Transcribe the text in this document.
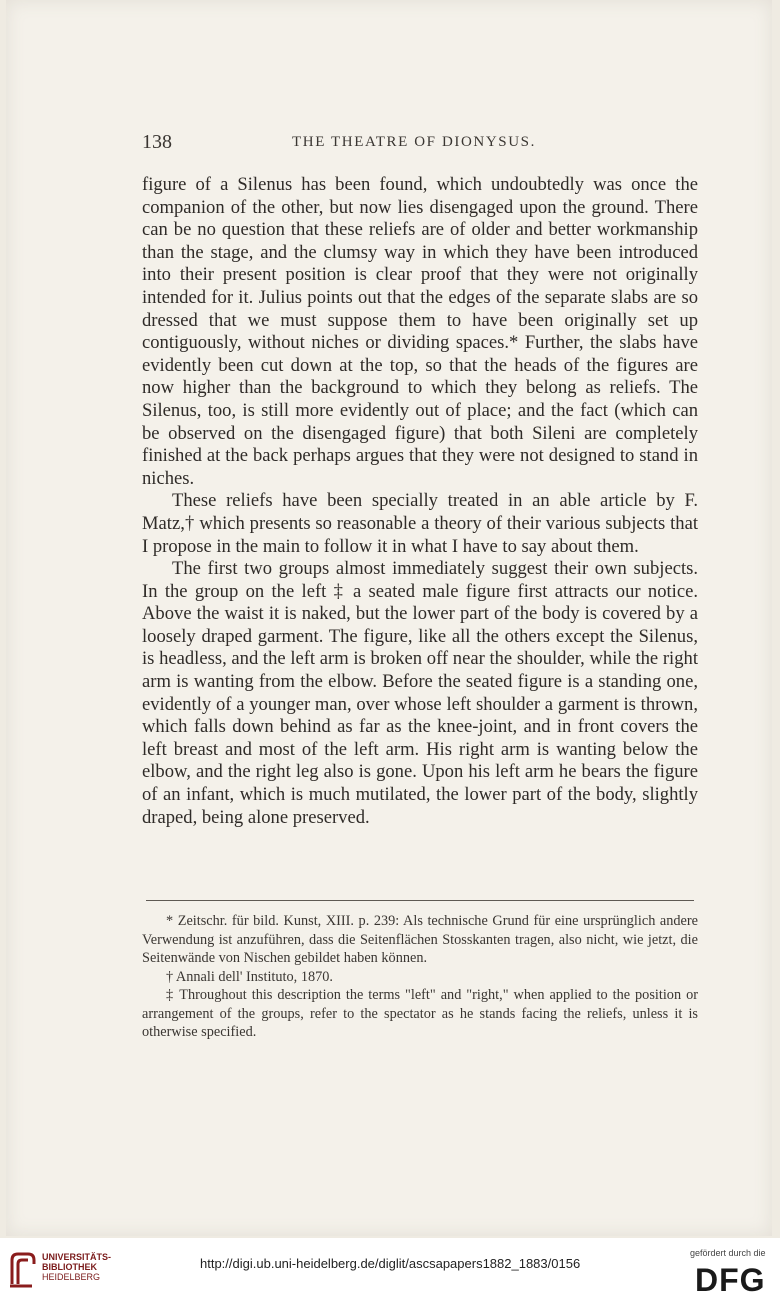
138	THE THEATRE OF DIONYSUS.

figure of a Silenus has been found, which undoubtedly was once the companion of the other, but now lies disengaged upon the ground. There can be no question that these reliefs are of older and better workmanship than the stage, and the clumsy way in which they have been introduced into their present position is clear proof that they were not originally intended for it. Julius points out that the edges of the separate slabs are so dressed that we must suppose them to have been originally set up contiguously, without niches or dividing spaces.* Further, the slabs have evidently been cut down at the top, so that the heads of the figures are now higher than the background to which they belong as reliefs. The Silenus, too, is still more evidently out of place; and the fact (which can be observed on the disengaged figure) that both Sileni are completely finished at the back perhaps argues that they were not designed to stand in niches.

These reliefs have been specially treated in an able article by F. Matz,† which presents so reasonable a theory of their various subjects that I propose in the main to follow it in what I have to say about them.

The first two groups almost immediately suggest their own subjects. In the group on the left ‡ a seated male figure first attracts our notice. Above the waist it is naked, but the lower part of the body is covered by a loosely draped garment. The figure, like all the others except the Silenus, is headless, and the left arm is broken off near the shoulder, while the right arm is wanting from the elbow. Before the seated figure is a standing one, evidently of a younger man, over whose left shoulder a garment is thrown, which falls down behind as far as the knee-joint, and in front covers the left breast and most of the left arm. His right arm is wanting below the elbow, and the right leg also is gone. Upon his left arm he bears the figure of an infant, which is much mutilated, the lower part of the body, slightly draped, being alone preserved.

* Zeitschr. für bild. Kunst, XIII. p. 239: Als technische Grund für eine ursprünglich andere Verwendung ist anzuführen, dass die Seitenflächen Stosskanten tragen, also nicht, wie jetzt, die Seitenwände von Nischen gebildet haben können.

† Annali dell' Instituto, 1870.

‡ Throughout this description the terms "left" and "right," when applied to the position or arrangement of the groups, refer to the spectator as he stands facing the reliefs, unless it is otherwise specified.

UNIVERSITÄTS-
BIBLIOTHEK
HEIDELBERG
http://digi.ub.uni-heidelberg.de/diglit/ascsapapers1882_1883/0156
gefördert durch die
DFG
